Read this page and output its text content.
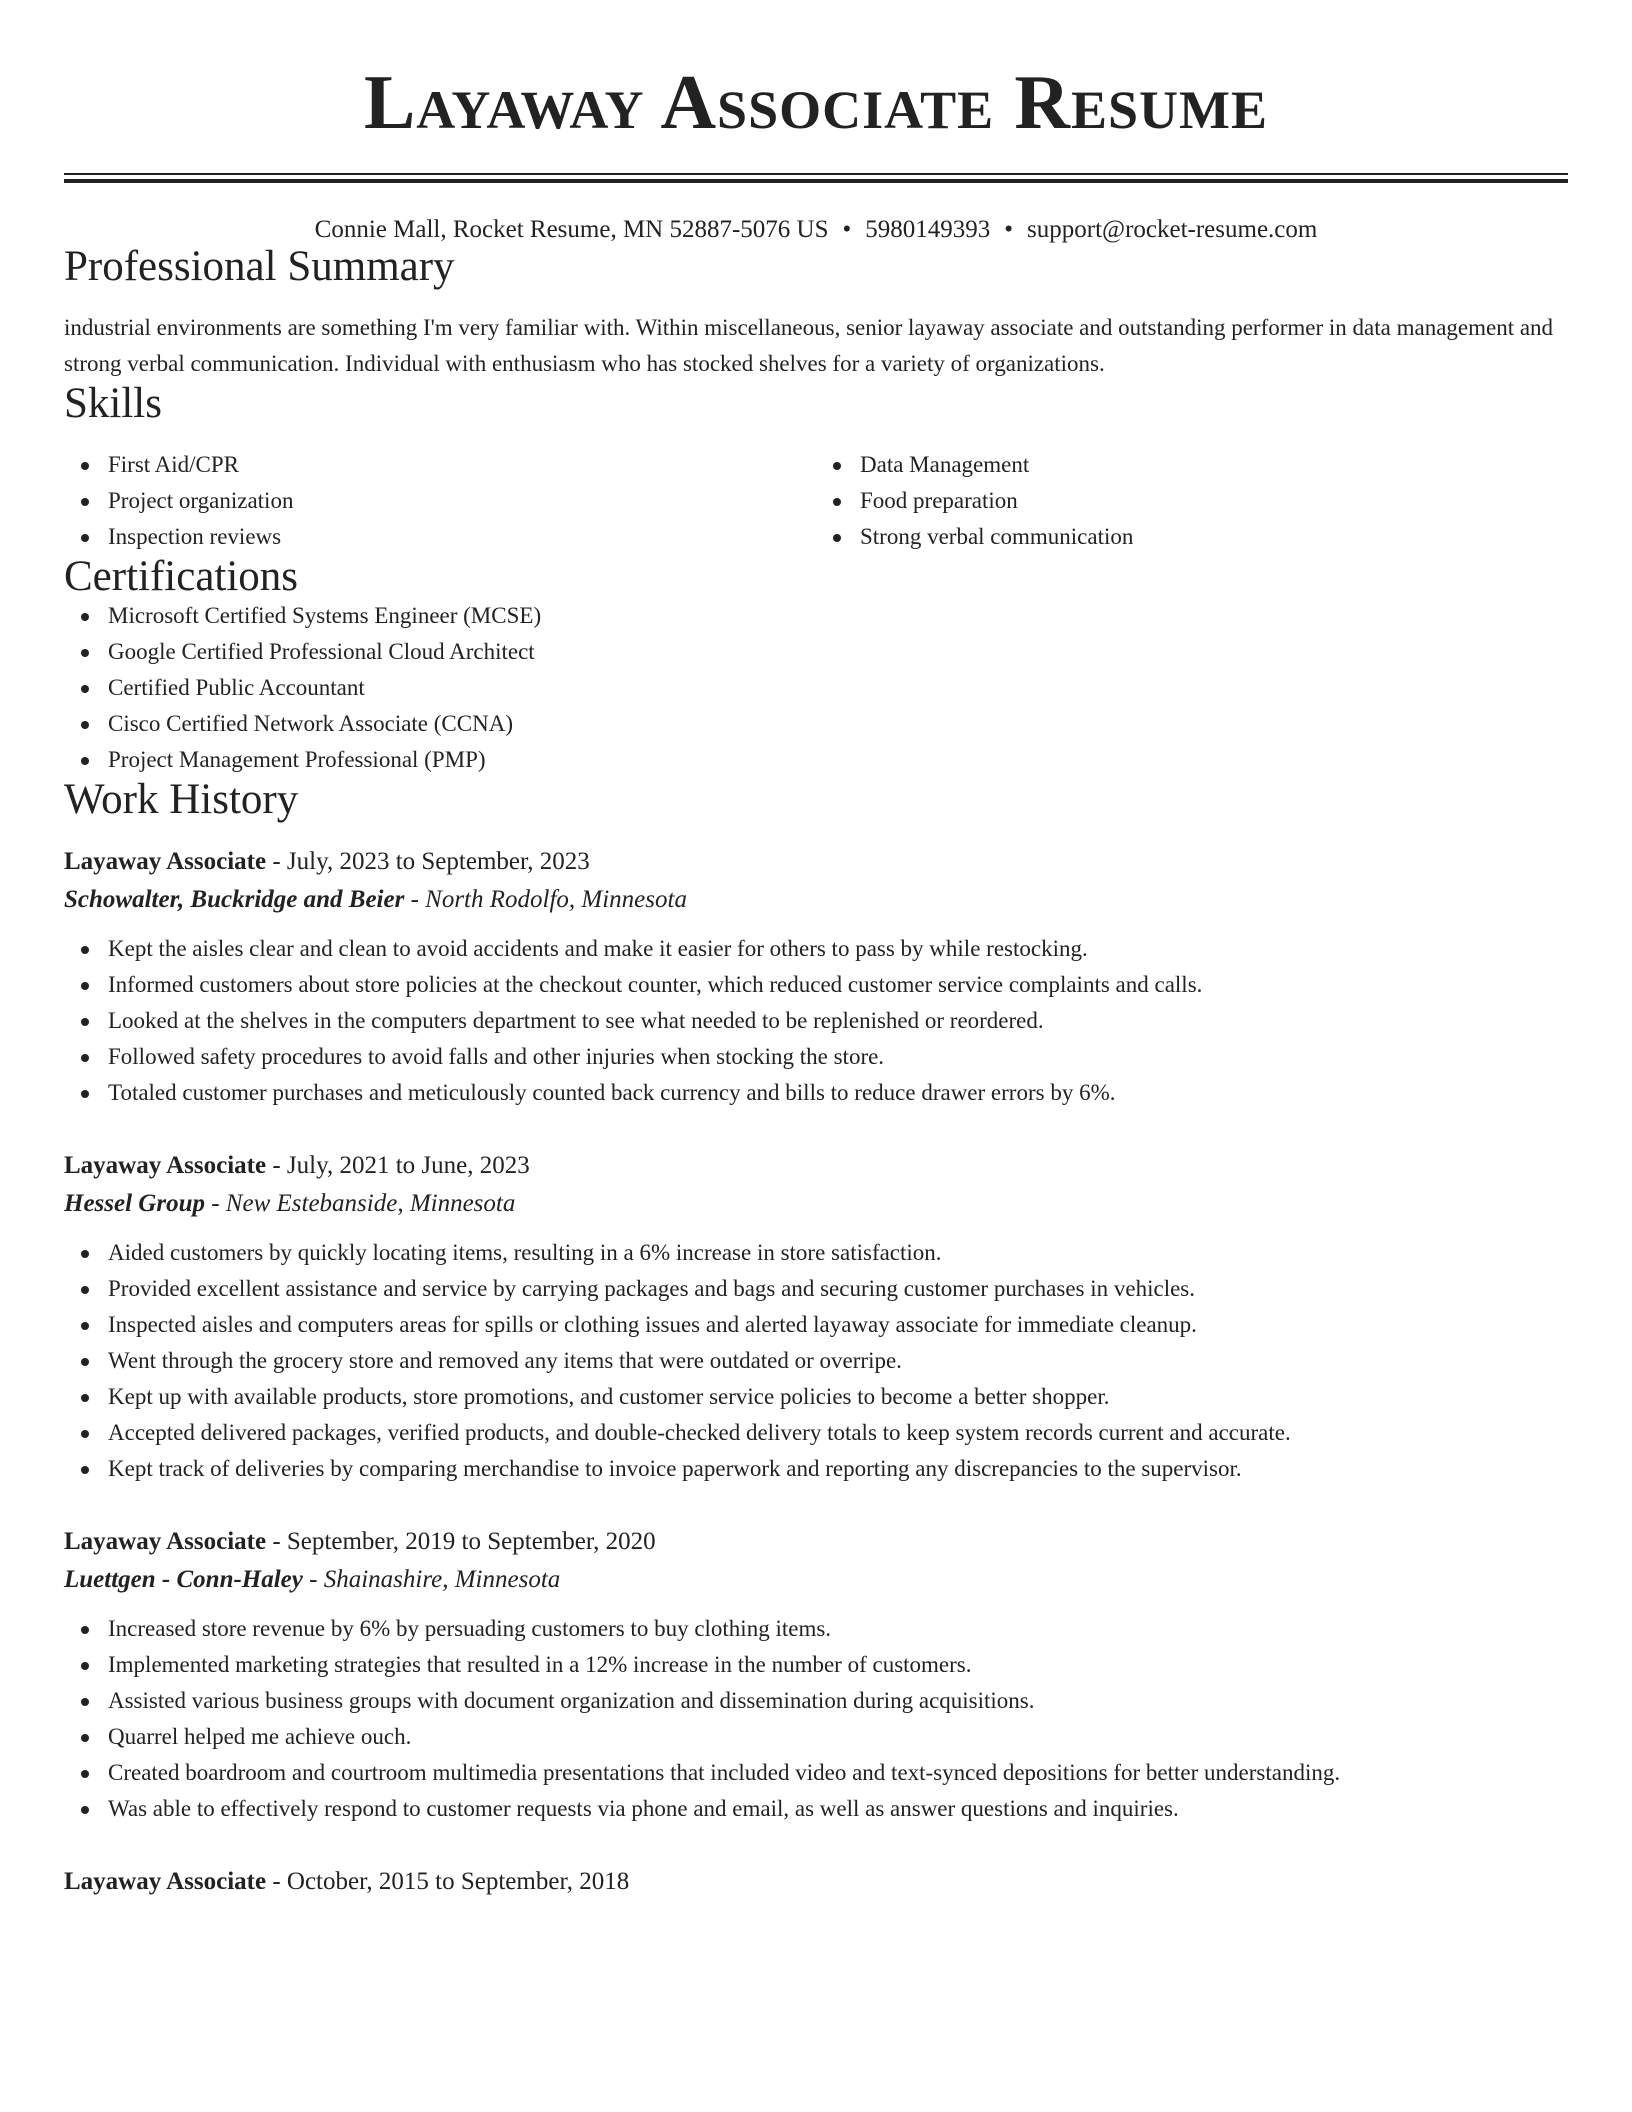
Layaway Associate Resume
Connie Mall, Rocket Resume, MN 52887-5076 US • 5980149393 • support@rocket-resume.com
Professional Summary
industrial environments are something I'm very familiar with. Within miscellaneous, senior layaway associate and outstanding performer in data management and strong verbal communication. Individual with enthusiasm who has stocked shelves for a variety of organizations.
Skills
First Aid/CPR
Project organization
Inspection reviews
Data Management
Food preparation
Strong verbal communication
Certifications
Microsoft Certified Systems Engineer (MCSE)
Google Certified Professional Cloud Architect
Certified Public Accountant
Cisco Certified Network Associate (CCNA)
Project Management Professional (PMP)
Work History
Layaway Associate - July, 2023 to September, 2023
Schowalter, Buckridge and Beier - North Rodolfo, Minnesota
Kept the aisles clear and clean to avoid accidents and make it easier for others to pass by while restocking.
Informed customers about store policies at the checkout counter, which reduced customer service complaints and calls.
Looked at the shelves in the computers department to see what needed to be replenished or reordered.
Followed safety procedures to avoid falls and other injuries when stocking the store.
Totaled customer purchases and meticulously counted back currency and bills to reduce drawer errors by 6%.
Layaway Associate - July, 2021 to June, 2023
Hessel Group - New Estebanside, Minnesota
Aided customers by quickly locating items, resulting in a 6% increase in store satisfaction.
Provided excellent assistance and service by carrying packages and bags and securing customer purchases in vehicles.
Inspected aisles and computers areas for spills or clothing issues and alerted layaway associate for immediate cleanup.
Went through the grocery store and removed any items that were outdated or overripe.
Kept up with available products, store promotions, and customer service policies to become a better shopper.
Accepted delivered packages, verified products, and double-checked delivery totals to keep system records current and accurate.
Kept track of deliveries by comparing merchandise to invoice paperwork and reporting any discrepancies to the supervisor.
Layaway Associate - September, 2019 to September, 2020
Luettgen - Conn-Haley - Shainashire, Minnesota
Increased store revenue by 6% by persuading customers to buy clothing items.
Implemented marketing strategies that resulted in a 12% increase in the number of customers.
Assisted various business groups with document organization and dissemination during acquisitions.
Quarrel helped me achieve ouch.
Created boardroom and courtroom multimedia presentations that included video and text-synced depositions for better understanding.
Was able to effectively respond to customer requests via phone and email, as well as answer questions and inquiries.
Layaway Associate - October, 2015 to September, 2018
